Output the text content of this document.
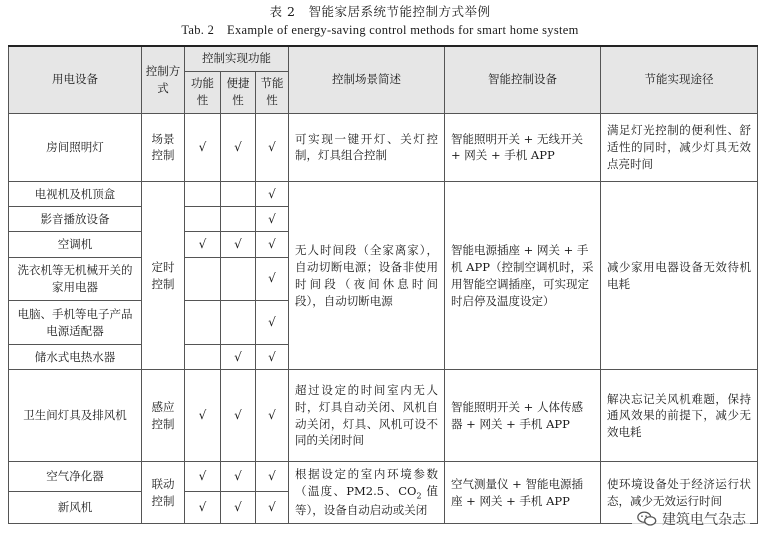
表 2　智能家居系统节能控制方式举例
Tab. 2　Example of energy-saving control methods for smart home system
用电设备	控制方式	控制实现功能			控制场景简述	智能控制设备	节能实现途径
		功能性	便捷性	节能性			
房间照明灯	场景控制	√	√	√	可实现一键开灯、关灯控制，灯具组合控制	智能照明开关 + 无线开关 + 网关 + 手机 APP	满足灯光控制的便利性、舒适性的同时，减少灯具无效点亮时间
电视机及机顶盒	定时控制			√	无人时间段（全家离家），自动切断电源；设备非使用时间段（夜间休息时间段），自动切断电源	智能电源插座 + 网关 + 手机 APP（控制空调机时，采用智能空调插座，可实现定时启停及温度设定）	减少家用电器设备无效待机电耗
影音播放设备				√			
空调机		√	√	√			
洗衣机等无机械开关的家用电器				√			
电脑、手机等电子产品电源适配器				√			
储水式电热水器			√	√			
卫生间灯具及排风机	感应控制	√	√	√	超过设定的时间室内无人时，灯具自动关闭、风机自动关闭，灯具、风机可设不同的关闭时间	智能照明开关 + 人体传感器 + 网关 + 手机 APP	解决忘记关风机难题，保持通风效果的前提下，减少无效电耗
空气净化器	联动控制	√	√	√	根据设定的室内环境参数（温度、PM2.5、$CO_2$ 值等），设备自动启动或关闭	空气测量仪 + 智能电源插座 + 网关 + 手机 APP	使环境设备处于经济运行状态，减少无效运行时间
新风机		√	√	√			
建筑电气杂志
